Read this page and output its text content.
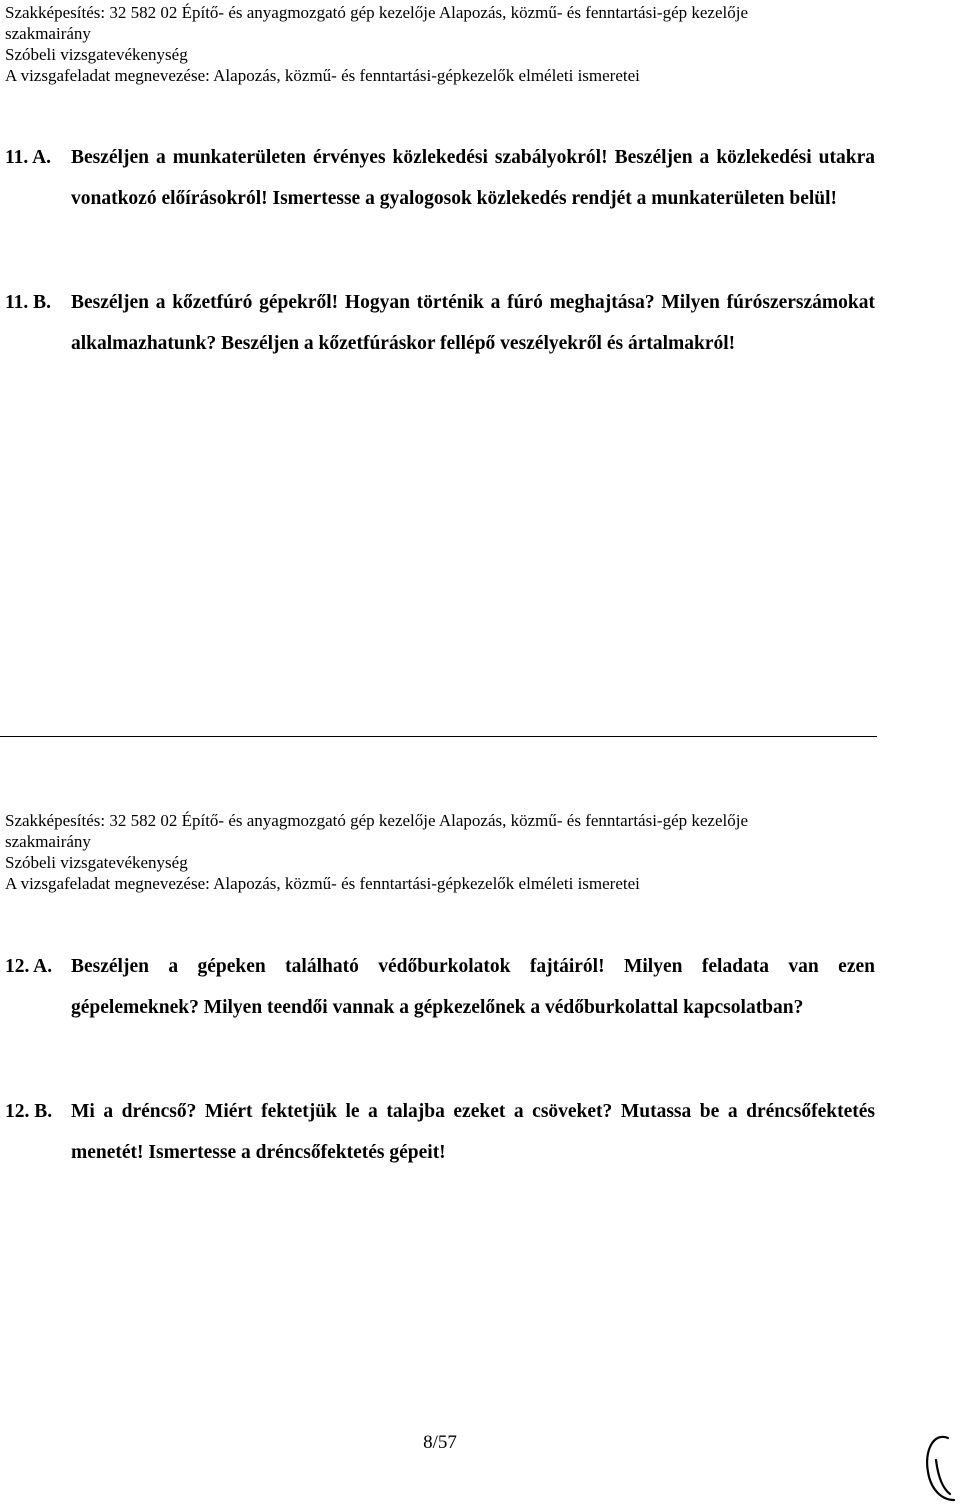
Szakképesítés: 32 582 02 Építő- és anyagmozgató gép kezelője Alapozás, közmű- és fenntartási-gép kezelője
szakmairány
Szóbeli vizsgatevékenység
A vizsgafeladat megnevezése: Alapozás, közmű- és fenntartási-gépkezelők elméleti ismeretei
11. A. Beszéljen a munkaterületen érvényes közlekedési szabályokról! Beszéljen a közlekedési utakra vonatkozó előírásokról! Ismertesse a gyalogosok közlekedés rendjét a munkaterületen belül!
11. B. Beszéljen a kőzetfúró gépekről! Hogyan történik a fúró meghajtása? Milyen fúrószerszámokat alkalmazhatunk? Beszéljen a kőzetfúráskor fellépő veszélyekről és ártalmakról!
Szakképesítés: 32 582 02 Építő- és anyagmozgató gép kezelője Alapozás, közmű- és fenntartási-gép kezelője
szakmairány
Szóbeli vizsgatevékenység
A vizsgafeladat megnevezése: Alapozás, közmű- és fenntartási-gépkezelők elméleti ismeretei
12. A. Beszéljen a gépeken található védőburkolatok fajtáiról! Milyen feladata van ezen gépelemeknek? Milyen teendői vannak a gépkezelőnek a védőburkolattal kapcsolatban?
12. B. Mi a dréncső? Miért fektetjük le a talajba ezeket a csöveket? Mutassa be a dréncsőfektetés menetét! Ismertesse a dréncsőfektetés gépeit!
8/57
